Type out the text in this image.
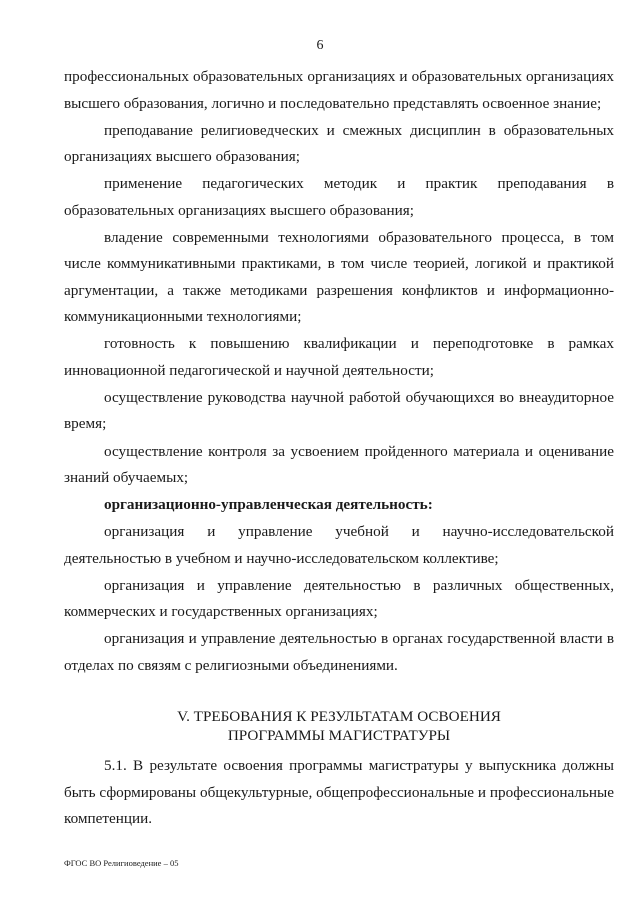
6

профессиональных образовательных организациях и образовательных организациях высшего образования, логично и последовательно представлять освоенное знание;

преподавание религиоведческих и смежных дисциплин в образовательных организациях высшего образования;

применение педагогических методик и практик преподавания в образовательных организациях высшего образования;

владение современными технологиями образовательного процесса, в том числе коммуникативными практиками, в том числе теорией, логикой и практикой аргументации, а также методиками разрешения конфликтов и информационно-коммуникационными технологиями;

готовность к повышению квалификации и переподготовке в рамках инновационной педагогической и научной деятельности;

осуществление руководства научной работой обучающихся во внеаудиторное время;

осуществление контроля за усвоением пройденного материала и оценивание знаний обучаемых;

организационно-управленческая деятельность:

организация и управление учебной и научно-исследовательской деятельностью в учебном и научно-исследовательском коллективе;

организация и управление деятельностью в различных общественных, коммерческих и государственных организациях;

организация и управление деятельностью в органах государственной власти в отделах по связям с религиозными объединениями.

V. ТРЕБОВАНИЯ К РЕЗУЛЬТАТАМ ОСВОЕНИЯ
ПРОГРАММЫ МАГИСТРАТУРЫ

5.1. В результате освоения программы магистратуры у выпускника должны быть сформированы общекультурные, общепрофессиональные и профессиональные компетенции.

ФГОС ВО Религиоведение – 05
